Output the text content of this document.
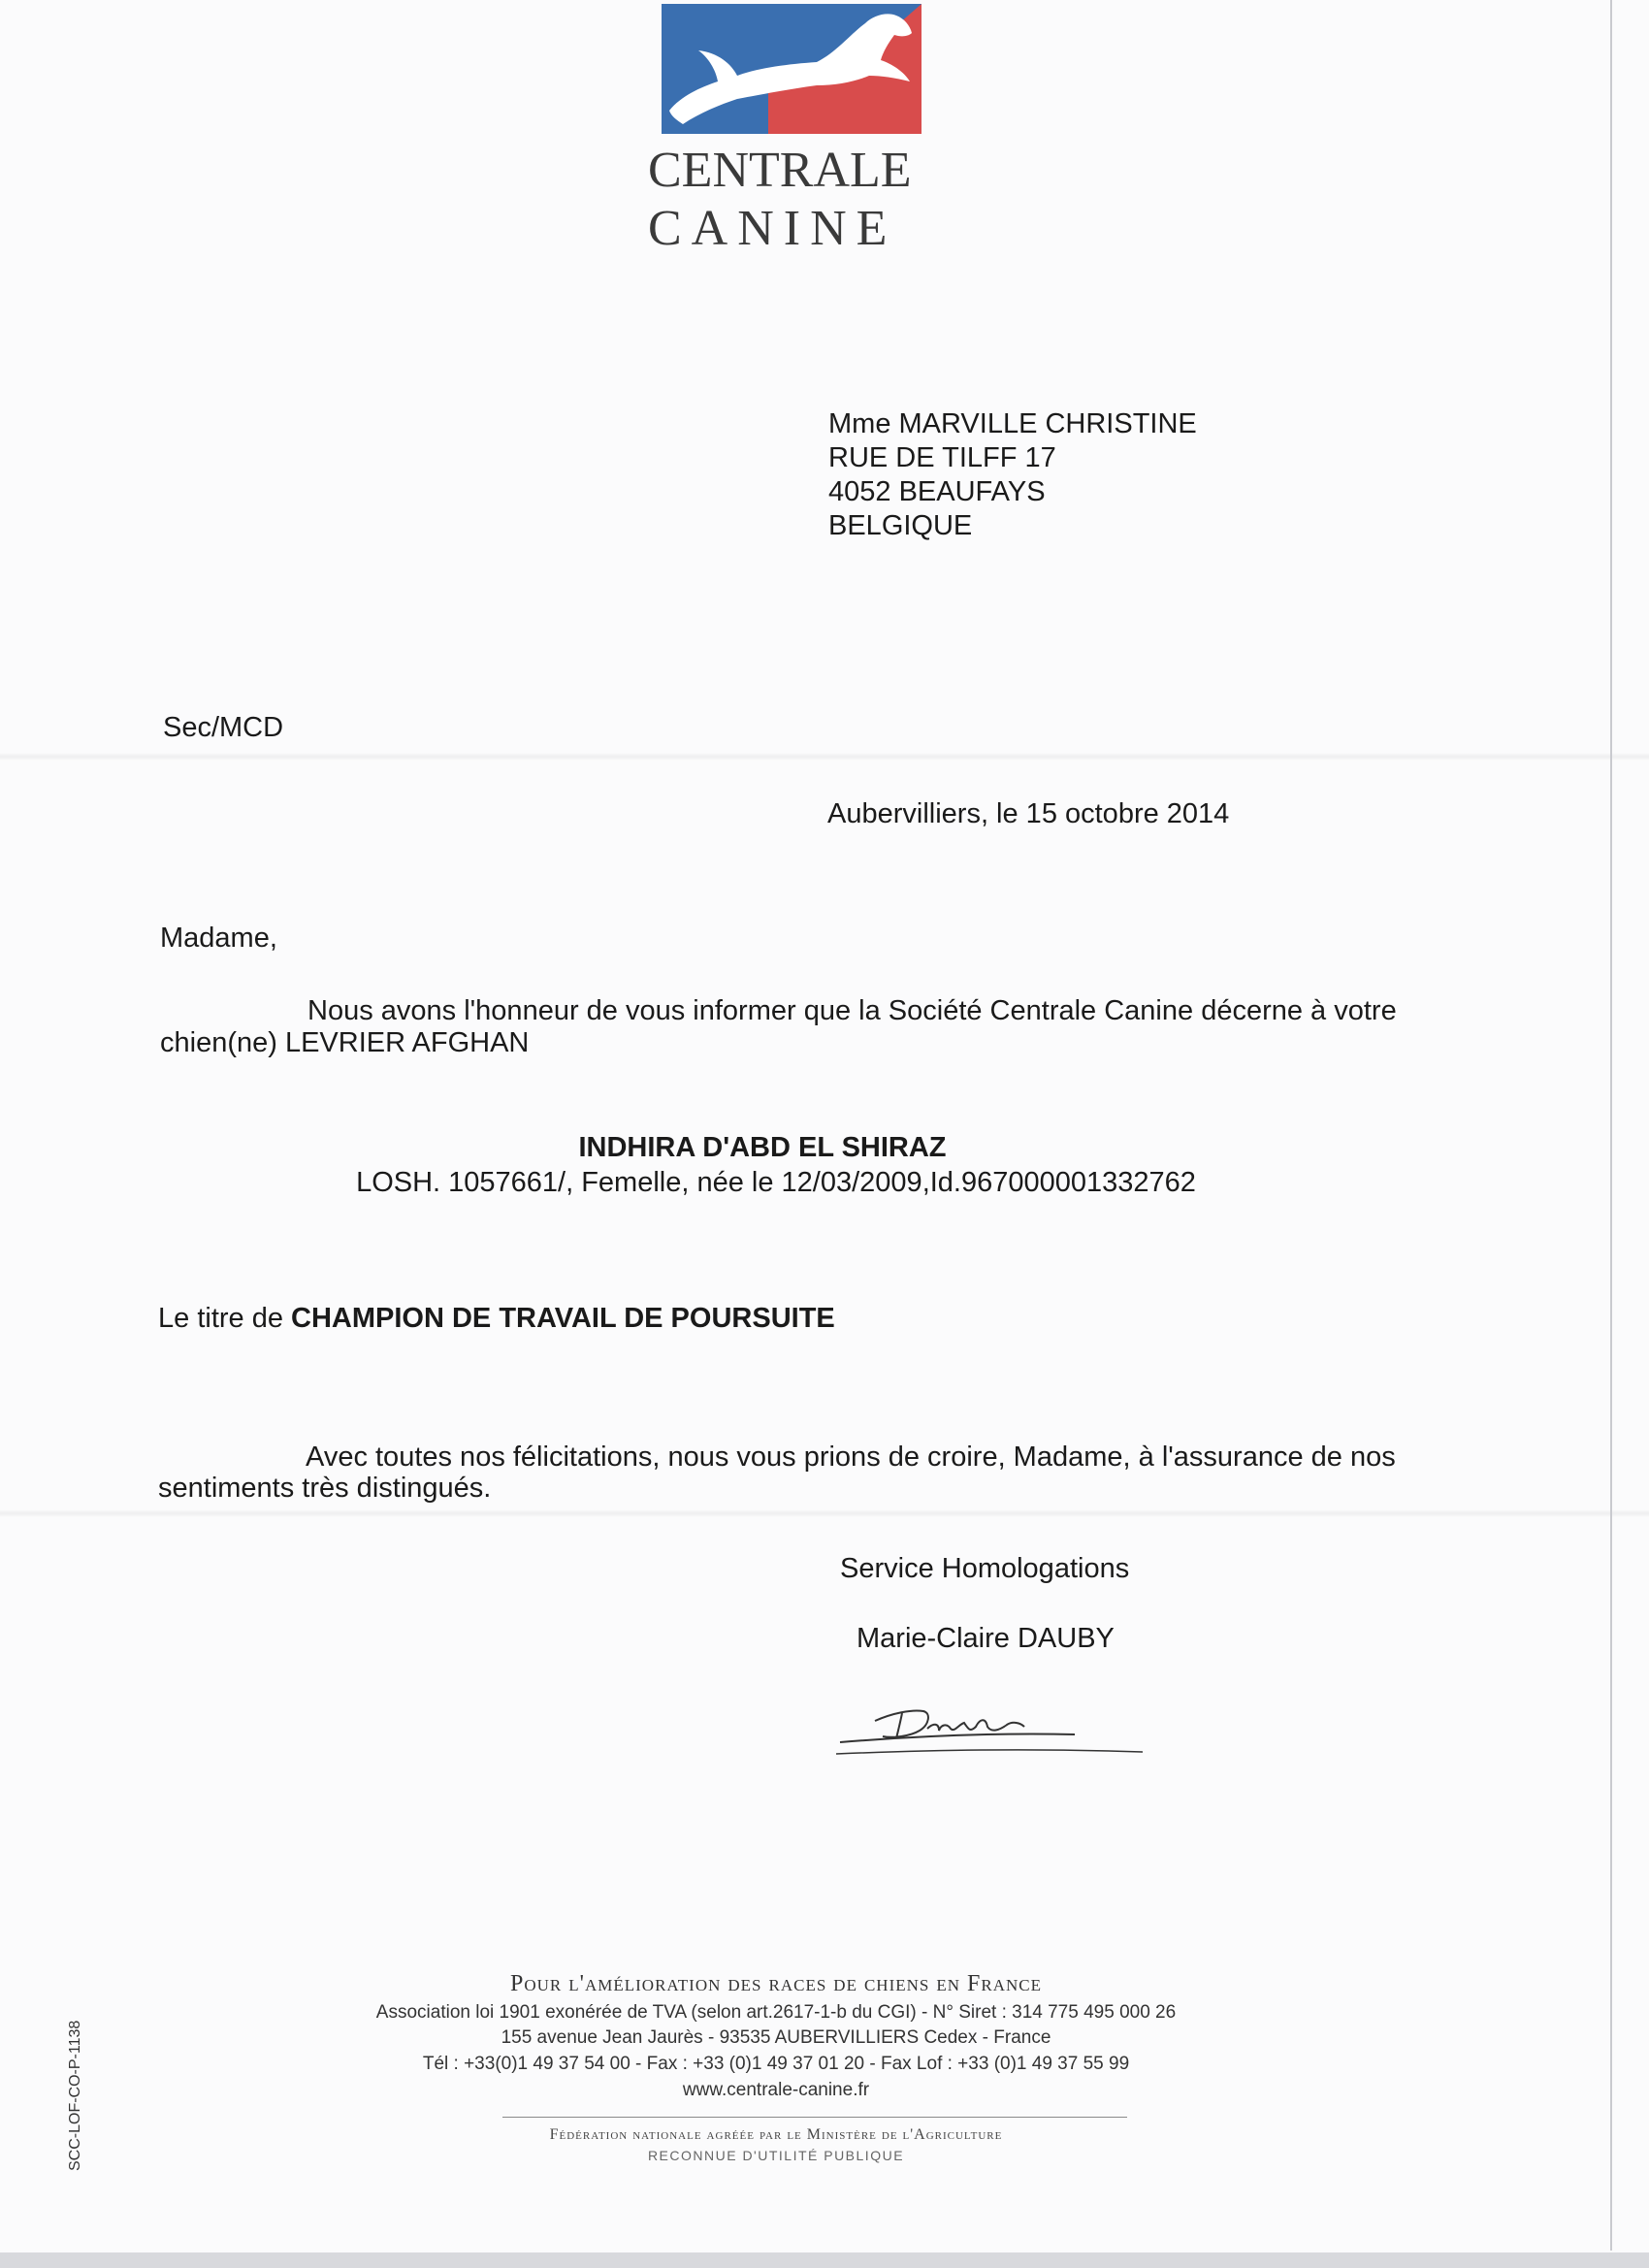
CENTRALE
CANINE
Mme MARVILLE CHRISTINE
RUE DE TILFF 17
4052 BEAUFAYS
BELGIQUE
Sec/MCD
Aubervilliers, le 15 octobre 2014
Madame,
Nous avons l'honneur de vous informer que la Société Centrale Canine décerne à votre
chien(ne) LEVRIER AFGHAN
INDHIRA D'ABD EL SHIRAZ
LOSH. 1057661/, Femelle, née le 12/03/2009,Id.967000001332762
Le titre de CHAMPION DE TRAVAIL DE POURSUITE
Avec toutes nos félicitations, nous vous prions de croire, Madame, à l'assurance de nos
sentiments très distingués.
Service Homologations
Marie-Claire DAUBY
Pour l'amélioration des races de chiens en France
Association loi 1901 exonérée de TVA (selon art.2617-1-b du CGI) - N° Siret : 314 775 495 000 26
155 avenue Jean Jaurès - 93535 AUBERVILLIERS Cedex - France
Tél : +33(0)1 49 37 54 00 - Fax : +33 (0)1 49 37 01 20 - Fax Lof : +33 (0)1 49 37 55 99
www.centrale-canine.fr
Fédération nationale agréée par le Ministère de l'Agriculture
RECONNUE D'UTILITÉ PUBLIQUE
SCC-LOF-CO-P-1138
